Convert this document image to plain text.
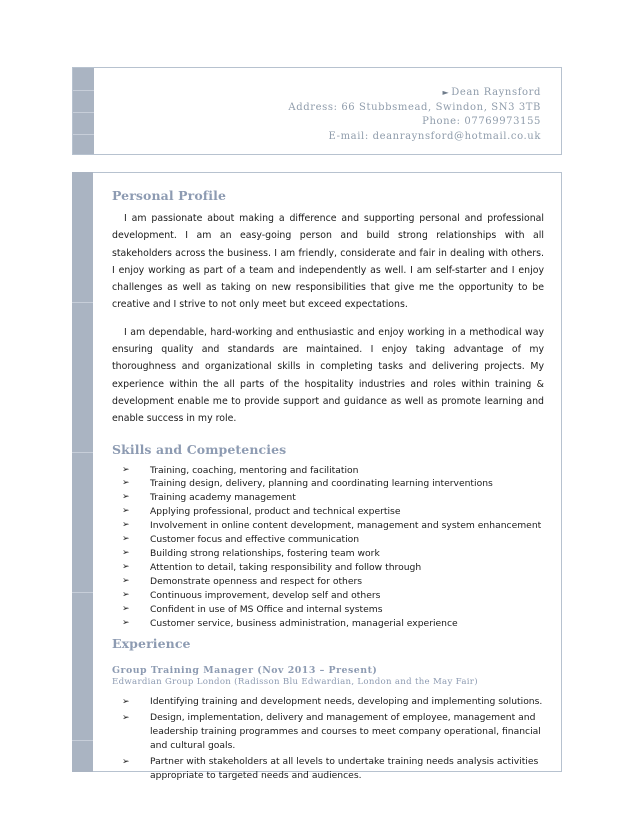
► Dean Raynsford
Address: 66 Stubbsmead, Swindon, SN3 3TB
Phone: 07769973155
E-mail: deanraynsford@hotmail.co.uk
Personal Profile

I am passionate about making a difference and supporting personal and professional development. I am an easy-going person and build strong relationships with all stakeholders across the business. I am friendly, considerate and fair in dealing with others. I enjoy working as part of a team and independently as well. I am self-starter and I enjoy challenges as well as taking on new responsibilities that give me the opportunity to be creative and I strive to not only meet but exceed expectations.

I am dependable, hard-working and enthusiastic and enjoy working in a methodical way ensuring quality and standards are maintained. I enjoy taking advantage of my thoroughness and organizational skills in completing tasks and delivering projects. My experience within the all parts of the hospitality industries and roles within training & development enable me to provide support and guidance as well as promote learning and enable success in my role.

Skills and Competencies
➢ Training, coaching, mentoring and facilitation
➢ Training design, delivery, planning and coordinating learning interventions
➢ Training academy management
➢ Applying professional, product and technical expertise
➢ Involvement in online content development, management and system enhancement
➢ Customer focus and effective communication
➢ Building strong relationships, fostering team work
➢ Attention to detail, taking responsibility and follow through
➢ Demonstrate openness and respect for others
➢ Continuous improvement, develop self and others
➢ Confident in use of MS Office and internal systems
➢ Customer service, business administration, managerial experience
Experience
Group Training Manager (Nov 2013 – Present)
Edwardian Group London (Radisson Blu Edwardian, London and the May Fair)
➢ Identifying training and development needs, developing and implementing solutions.
➢ Design, implementation, delivery and management of employee, management and leadership training programmes and courses to meet company operational, financial and cultural goals.
➢ Partner with stakeholders at all levels to undertake training needs analysis activities appropriate to targeted needs and audiences.
